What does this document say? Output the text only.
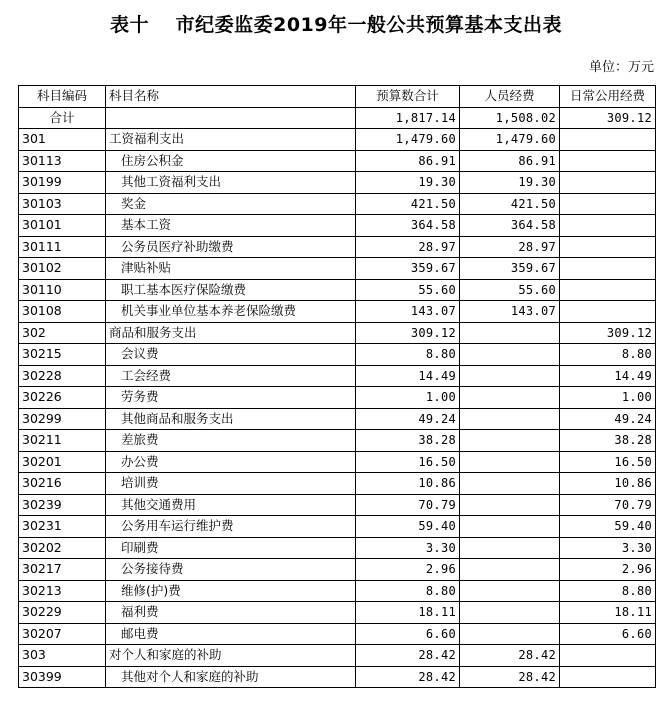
表十　 市纪委监委2019年一般公共预算基本支出表
单位：万元
科目编码	科目名称	预算数合计	人员经费	日常公用经费
合计		1,817.14	1,508.02	309.12
301	工资福利支出	1,479.60	1,479.60	
30113	住房公积金	86.91	86.91	
30199	其他工资福利支出	19.30	19.30	
30103	奖金	421.50	421.50	
30101	基本工资	364.58	364.58	
30111	公务员医疗补助缴费	28.97	28.97	
30102	津贴补贴	359.67	359.67	
30110	职工基本医疗保险缴费	55.60	55.60	
30108	机关事业单位基本养老保险缴费	143.07	143.07	
302	商品和服务支出	309.12		309.12
30215	会议费	8.80		8.80
30228	工会经费	14.49		14.49
30226	劳务费	1.00		1.00
30299	其他商品和服务支出	49.24		49.24
30211	差旅费	38.28		38.28
30201	办公费	16.50		16.50
30216	培训费	10.86		10.86
30239	其他交通费用	70.79		70.79
30231	公务用车运行维护费	59.40		59.40
30202	印刷费	3.30		3.30
30217	公务接待费	2.96		2.96
30213	维修(护)费	8.80		8.80
30229	福利费	18.11		18.11
30207	邮电费	6.60		6.60
303	对个人和家庭的补助	28.42	28.42	
30399	其他对个人和家庭的补助	28.42	28.42	
